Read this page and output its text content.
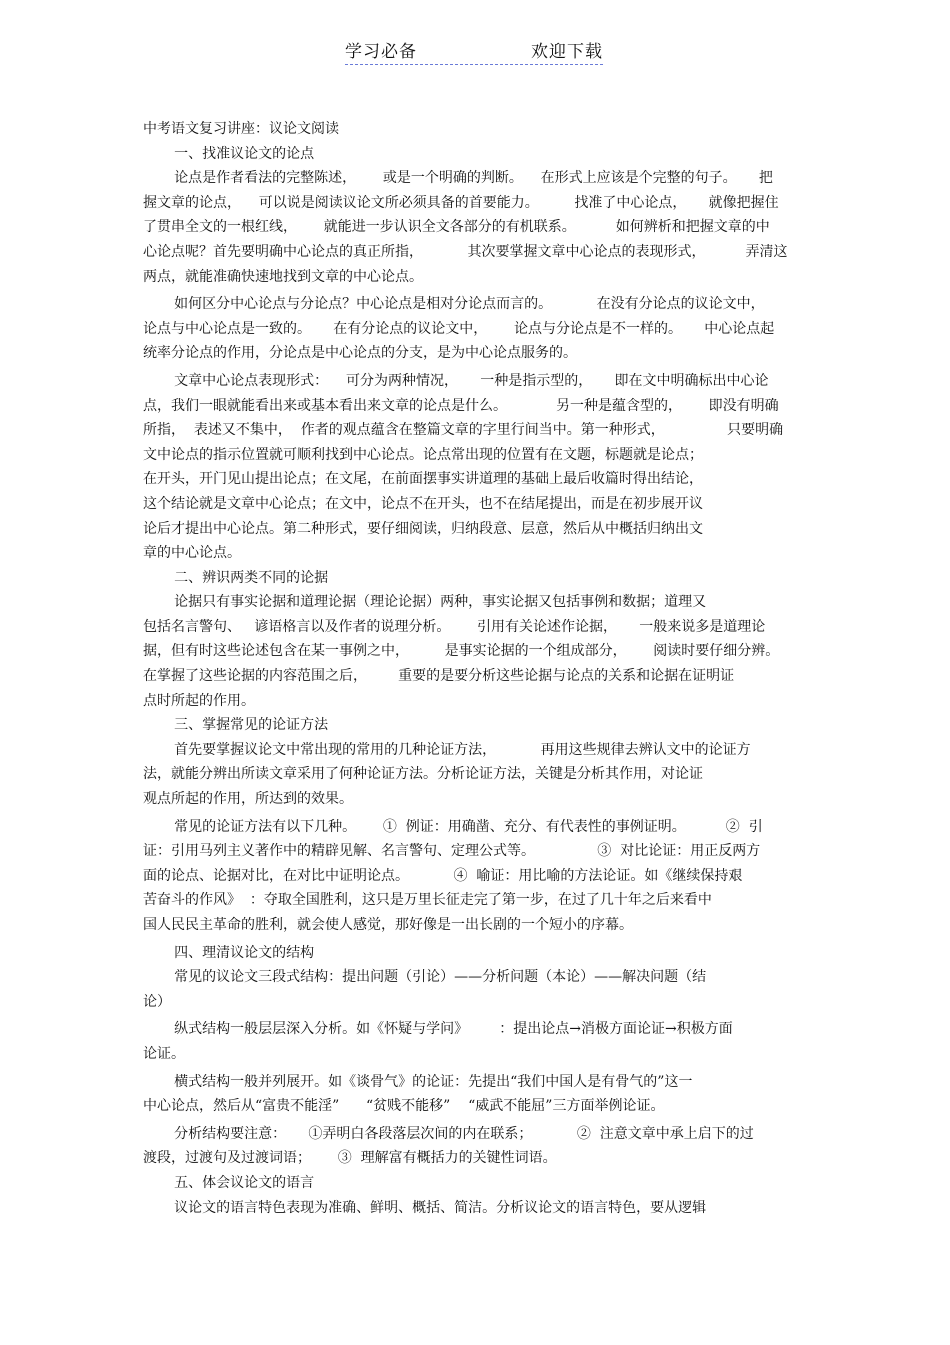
学习必备	欢迎下载

中考语文复习讲座：议论文阅读

一、找准议论文的论点

论点是作者看法的完整陈述，      或是一个明确的判断。    在形式上应该是个完整的句子。     把

握文章的论点，    可以说是阅读议论文所必须具备的首要能力。        找准了中心论点，     就像把握住

了贯串全文的一根红线，      就能进一步认识全文各部分的有机联系。         如何辨析和把握文章的中

心论点呢？首先要明确中心论点的真正所指，          其次要掌握文章中心论点的表现形式，         弄清这

两点，就能准确快速地找到文章的中心论点。

如何区分中心论点与分论点？中心论点是相对分论点而言的。          在没有分论点的议论文中，

论点与中心论点是一致的。     在有分论点的议论文中，      论点与分论点是不一样的。     中心论点起

统率分论点的作用，分论点是中心论点的分支，是为中心论点服务的。

文章中心论点表现形式：    可分为两种情况，     一种是指示型的，     即在文中明确标出中心论

点，我们一眼就能看出来或基本看出来文章的论点是什么。           另一种是蕴含型的，      即没有明确

所指，  表述又不集中，  作者的观点蕴含在整篇文章的字里行间当中。第一种形式，              只要明确

文中论点的指示位置就可顺利找到中心论点。论点常出现的位置有在文题，标题就是论点；

在开头，开门见山提出论点；在文尾，在前面摆事实讲道理的基础上最后收篇时得出结论，

这个结论就是文章中心论点；在文中，论点不在开头，也不在结尾提出，而是在初步展开议

论后才提出中心论点。第二种形式，要仔细阅读，归纳段意、层意，然后从中概括归纳出文

章的中心论点。

二、辨识两类不同的论据

论据只有事实论据和道理论据（理论论据）两种，事实论据又包括事例和数据；道理又

包括名言警句、   谚语格言以及作者的说理分析。      引用有关论述作论据，     一般来说多是道理论

据，但有时这些论述包含在某一事例之中，        是事实论据的一个组成部分，      阅读时要仔细分辨。

在掌握了这些论据的内容范围之后，       重要的是要分析这些论据与论点的关系和论据在证明证

点时所起的作用。

三、掌握常见的论证方法

首先要掌握议论文中常出现的常用的几种论证方法，          再用这些规律去辨认文中的论证方

法，就能分辨出所读文章采用了何种论证方法。分析论证方法，关键是分析其作用，对论证

观点所起的作用，所达到的效果。

常见的论证方法有以下几种。      ①  例证：用确凿、充分、有代表性的事例证明。         ②  引

证：引用马列主义著作中的精辟见解、名言警句、定理公式等。              ③  对比论证：用正反两方

面的论点、论据对比，在对比中证明论点。          ④  喻证：用比喻的方法论证。如《继续保持艰

苦奋斗的作风》  ：夺取全国胜利，这只是万里长征走完了第一步，在过了几十年之后来看中

国人民民主革命的胜利，就会使人感觉，那好像是一出长剧的一个短小的序幕。

四、理清议论文的结构

常见的议论文三段式结构：提出问题（引论）——分析问题（本论）——解决问题（结

论）

纵式结构一般层层深入分析。如《怀疑与学问》       ：提出论点→消极方面论证→积极方面

论证。

横式结构一般并列展开。如《谈骨气》的论证：先提出“我们中国人是有骨气的”这一

中心论点，然后从“富贵不能淫”      “贫贱不能移”    “威武不能屈”三方面举例论证。

分析结构要注意：     ①弄明白各段落层次间的内在联系；          ②  注意文章中承上启下的过

渡段，过渡句及过渡词语；      ③  理解富有概括力的关键性词语。

五、体会议论文的语言

议论文的语言特色表现为准确、鲜明、概括、简洁。分析议论文的语言特色，要从逻辑
